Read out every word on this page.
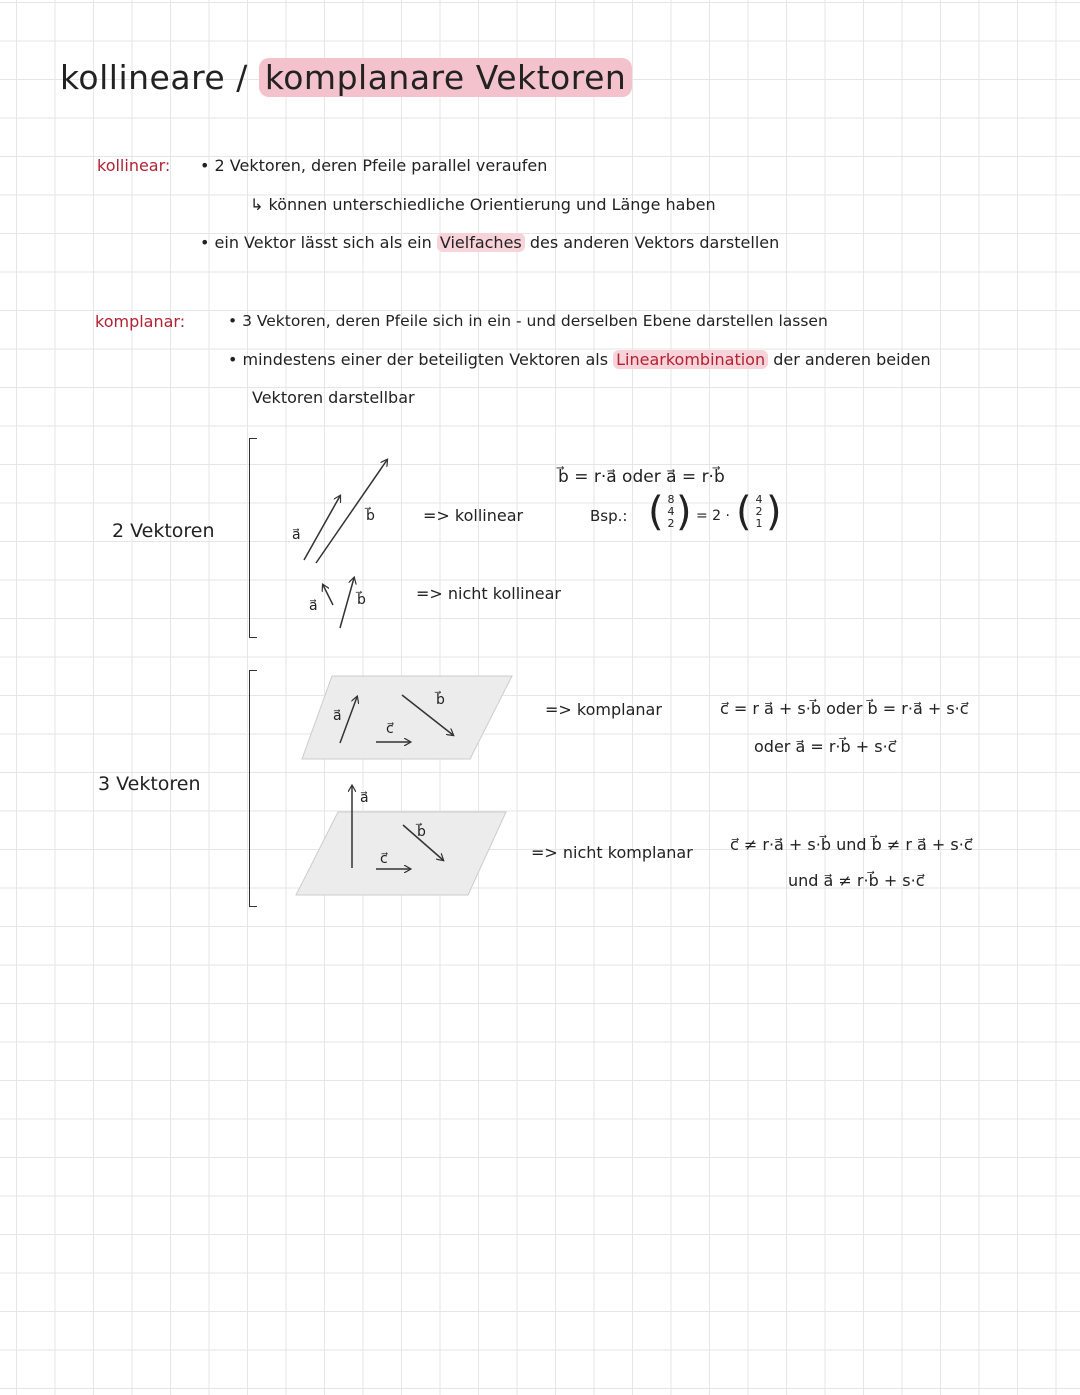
kollineare / komplanare Vektoren
kollinear: • 2 Vektoren, deren Pfeile parallel veraufen
↳ können unterschiedliche Orientierung und Länge haben
• ein Vektor lässt sich als ein Vielfaches des anderen Vektors darstellen
komplanar:	• 3 Vektoren, deren Pfeile sich in ein - und derselben Ebene darstellen lassen
• mindestens einer der beteiligten Vektoren als Linearkombination der anderen beiden
Vektoren darstellbar
2 Vektoren
3 Vektoren
a⃗
b⃗
a⃗	b⃗
a⃗
c⃗
b⃗
a⃗
b⃗
c⃗
=> kollinear
=> nicht kollinear
b⃗ = r·a⃗ oder a⃗ = r·b⃗
Bsp.: ( 8
4
2 ) = 2 · ( 4
2
1 )
=> komplanar	c⃗ = r a⃗ + s·b⃗ oder b⃗ = r·a⃗ + s·c⃗
oder a⃗ = r·b⃗ + s·c⃗
=> nicht komplanar c⃗ ≠ r·a⃗ + s·b⃗ und b⃗ ≠ r a⃗ + s·c⃗
und a⃗ ≠ r·b⃗ + s·c⃗
